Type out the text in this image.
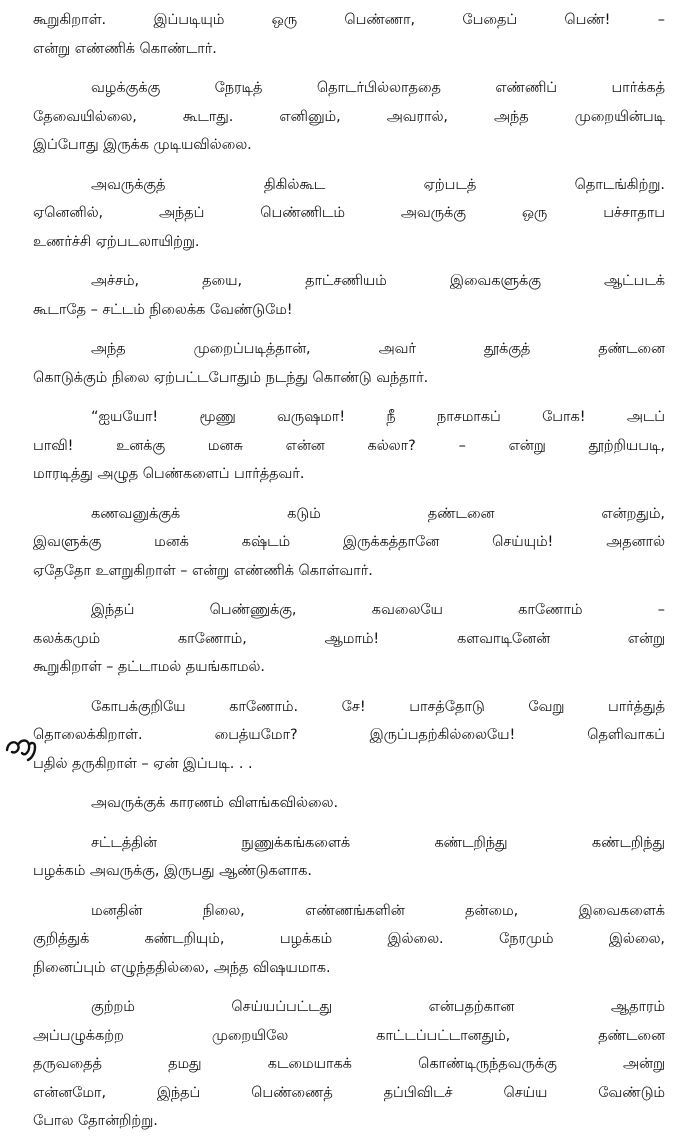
கூறுகிறாள். இப்படியும் ஒரு பெண்ணா, பேதைப் பெண்! –
என்று எண்ணிக் கொண்டார்.
வழக்குக்கு நேரடித் தொடர்பில்லாததை எண்ணிப் பார்க்கத்
தேவையில்லை, கூடாது. எனினும், அவரால், அந்த முறையின்படி
இப்போது இருக்க முடியவில்லை.
அவருக்குத் திகில்கூட ஏற்படத் தொடங்கிற்று.
ஏனெனில், அந்தப் பெண்ணிடம் அவருக்கு ஒரு பச்சாதாப
உணர்ச்சி ஏற்படலாயிற்று.
அச்சம், தயை, தாட்சணியம் இவைகளுக்கு ஆட்படக்
கூடாதே – சட்டம் நிலைக்க வேண்டுமே!
அந்த முறைப்படித்தான், அவர் தூக்குத் தண்டனை
கொடுக்கும் நிலை ஏற்பட்டபோதும் நடந்து கொண்டு வந்தார்.
“ஐயயோ! மூணு வருஷமா! நீ நாசமாகப் போக! அடப்
பாவி! உனக்கு மனசு என்ன கல்லா? – என்று தூற்றியபடி,
மாரடித்து அழுத பெண்களைப் பார்த்தவர்.
கணவனுக்குக் கடும் தண்டனை என்றதும்,
இவளுக்கு மனக் கஷ்டம் இருக்கத்தானே செய்யும்! அதனால்
ஏதேதோ உளறுகிறாள் – என்று எண்ணிக் கொள்வார்.
இந்தப் பெண்ணுக்கு, கவலையே காணோம் –
கலக்கமும் காணோம், ஆமாம்! களவாடினேன் என்று
கூறுகிறாள் – தட்டாமல் தயங்காமல்.
கோபக்குறியே காணோம். சே! பாசத்தோடு வேறு பார்த்துத்
தொலைக்கிறாள். பைத்யமோ? இருப்பதற்கில்லையே! தெளிவாகப்
பதில் தருகிறாள் – ஏன் இப்படி. . .
அவருக்குக் காரணம் விளங்கவில்லை.
சட்டத்தின் நுணுக்கங்களைக் கண்டறிந்து கண்டறிந்து
பழக்கம் அவருக்கு, இருபது ஆண்டுகளாக.
மனதின் நிலை, எண்ணங்களின் தன்மை, இவைகளைக்
குறித்துக் கண்டறியும், பழக்கம் இல்லை. நேரமும் இல்லை,
நினைப்பும் எழுந்ததில்லை, அந்த விஷயமாக.
குற்றம் செய்யப்பட்டது என்பதற்கான ஆதாரம்
அப்பழுக்கற்ற முறையிலே காட்டப்பட்டானதும், தண்டனை
தருவதைத் தமது கடமையாகக் கொண்டிருந்தவருக்கு அன்று
என்னமோ, இந்தப் பெண்ணைத் தப்பிவிடச் செய்ய வேண்டும்
போல தோன்றிற்று.
